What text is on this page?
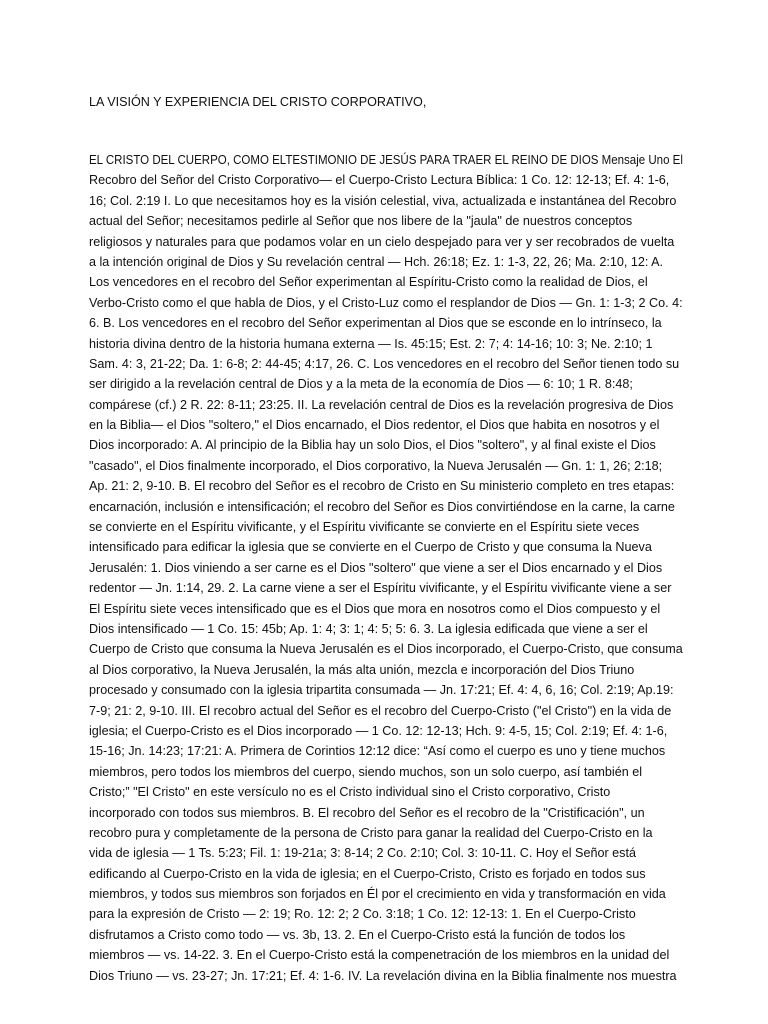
LA VISIÓN Y EXPERIENCIA DEL CRISTO CORPORATIVO,
EL CRISTO DEL CUERPO, COMO ELTESTIMONIO DE JESÚS PARA TRAER EL REINO DE DIOS Mensaje Uno El
Recobro del Señor del Cristo Corporativo— el Cuerpo-Cristo Lectura Bíblica: 1 Co. 12: 12-13; Ef. 4: 1-6,
16; Col. 2:19 I. Lo que necesitamos hoy es la visión celestial, viva, actualizada e instantánea del Recobro
actual del Señor; necesitamos pedirle al Señor que nos libere de la "jaula" de nuestros conceptos
religiosos y naturales para que podamos volar en un cielo despejado para ver y ser recobrados de vuelta
a la intención original de Dios y Su revelación central — Hch. 26:18; Ez. 1: 1-3, 22, 26; Ma. 2:10, 12: A.
Los vencedores en el recobro del Señor experimentan al Espíritu-Cristo como la realidad de Dios, el
Verbo-Cristo como el que habla de Dios, y el Cristo-Luz como el resplandor de Dios — Gn. 1: 1-3; 2 Co. 4:
6. B. Los vencedores en el recobro del Señor experimentan al Dios que se esconde en lo intrínseco, la
historia divina dentro de la historia humana externa — Is. 45:15; Est. 2: 7; 4: 14-16; 10: 3; Ne. 2:10; 1
Sam. 4: 3, 21-22; Da. 1: 6-8; 2: 44-45; 4:17, 26. C. Los vencedores en el recobro del Señor tienen todo su
ser dirigido a la revelación central de Dios y a la meta de la economía de Dios — 6: 10; 1 R. 8:48;
compárese (cf.) 2 R. 22: 8-11; 23:25. II. La revelación central de Dios es la revelación progresiva de Dios
en la Biblia— el Dios "soltero," el Dios encarnado, el Dios redentor, el Dios que habita en nosotros y el
Dios incorporado: A. Al principio de la Biblia hay un solo Dios, el Dios "soltero", y al final existe el Dios
"casado", el Dios finalmente incorporado, el Dios corporativo, la Nueva Jerusalén — Gn. 1: 1, 26; 2:18;
Ap. 21: 2, 9-10. B. El recobro del Señor es el recobro de Cristo en Su ministerio completo en tres etapas:
encarnación, inclusión e intensificación; el recobro del Señor es Dios convirtiéndose en la carne, la carne
se convierte en el Espíritu vivificante, y el Espíritu vivificante se convierte en el Espíritu siete veces
intensificado para edificar la iglesia que se convierte en el Cuerpo de Cristo y que consuma la Nueva
Jerusalén: 1. Dios viniendo a ser carne es el Dios "soltero" que viene a ser el Dios encarnado y el Dios
redentor — Jn. 1:14, 29. 2. La carne viene a ser el Espíritu vivificante, y el Espíritu vivificante viene a ser
El Espíritu siete veces intensificado que es el Dios que mora en nosotros como el Dios compuesto y el
Dios intensificado — 1 Co. 15: 45b; Ap. 1: 4; 3: 1; 4: 5; 5: 6. 3. La iglesia edificada que viene a ser el
Cuerpo de Cristo que consuma la Nueva Jerusalén es el Dios incorporado, el Cuerpo-Cristo, que consuma
al Dios corporativo, la Nueva Jerusalén, la más alta unión, mezcla e incorporación del Dios Triuno
procesado y consumado con la iglesia tripartita consumada — Jn. 17:21; Ef. 4: 4, 6, 16; Col. 2:19; Ap.19:
7-9; 21: 2, 9-10. III. El recobro actual del Señor es el recobro del Cuerpo-Cristo ("el Cristo") en la vida de
iglesia; el Cuerpo-Cristo es el Dios incorporado — 1 Co. 12: 12-13; Hch. 9: 4-5, 15; Col. 2:19; Ef. 4: 1-6,
15-16; Jn. 14:23; 17:21: A. Primera de Corintios 12:12 dice: “Así como el cuerpo es uno y tiene muchos
miembros, pero todos los miembros del cuerpo, siendo muchos, son un solo cuerpo, así también el
Cristo;” "El Cristo" en este versículo no es el Cristo individual sino el Cristo corporativo, Cristo
incorporado con todos sus miembros. B. El recobro del Señor es el recobro de la "Cristificación", un
recobro pura y completamente de la persona de Cristo para ganar la realidad del Cuerpo-Cristo en la
vida de iglesia — 1 Ts. 5:23; Fil. 1: 19-21a; 3: 8-14; 2 Co. 2:10; Col. 3: 10-11. C. Hoy el Señor está
edificando al Cuerpo-Cristo en la vida de iglesia; en el Cuerpo-Cristo, Cristo es forjado en todos sus
miembros, y todos sus miembros son forjados en Él por el crecimiento en vida y transformación en vida
para la expresión de Cristo — 2: 19; Ro. 12: 2; 2 Co. 3:18; 1 Co. 12: 12-13: 1. En el Cuerpo-Cristo
disfrutamos a Cristo como todo — vs. 3b, 13. 2. En el Cuerpo-Cristo está la función de todos los
miembros — vs. 14-22. 3. En el Cuerpo-Cristo está la compenetración de los miembros en la unidad del
Dios Triuno — vs. 23-27; Jn. 17:21; Ef. 4: 1-6. IV. La revelación divina en la Biblia finalmente nos muestra
